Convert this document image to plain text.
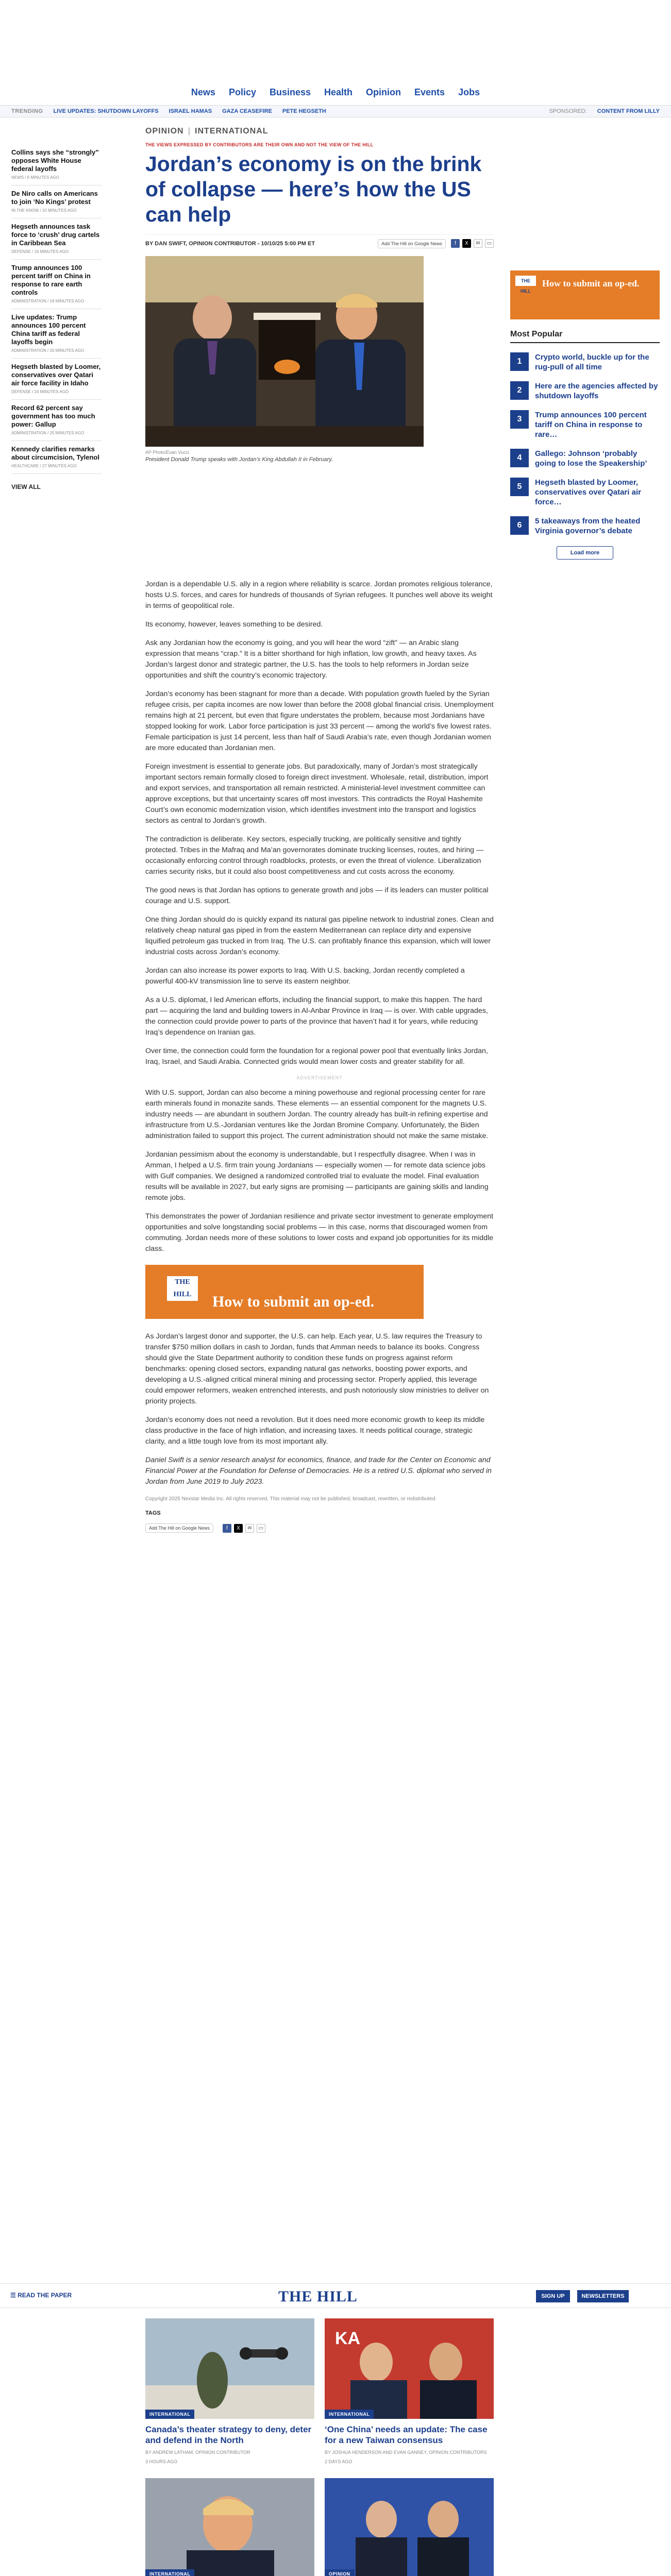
News Policy Business Health Opinion Events Jobs
TRENDING LIVE UPDATES: SHUTDOWN LAYOFFS ISRAEL HAMAS GAZA CEASEFIRE PETE HEGSETH	SPONSORED: CONTENT FROM LILLY
Collins says she “strongly” opposes White House federal layoffs
NEWS / 6 MINUTES AGO
De Niro calls on Americans to join ‘No Kings’ protest
IN THE KNOW / 10 MINUTES AGO
Hegseth announces task force to ‘crush’ drug cartels in Caribbean Sea
DEFENSE / 16 MINUTES AGO
Trump announces 100 percent tariff on China in response to rare earth controls
ADMINISTRATION / 16 MINUTES AGO
Live updates: Trump announces 100 percent China tariff as federal layoffs begin
ADMINISTRATION / 20 MINUTES AGO
Hegseth blasted by Loomer, conservatives over Qatari air force facility in Idaho
DEFENSE / 24 MINUTES AGO
Record 62 percent say government has too much power: Gallup
ADMINISTRATION / 25 MINUTES AGO
Kennedy clarifies remarks about circumcision, Tylenol
HEALTHCARE / 27 MINUTES AGO
VIEW ALL
OPINION | INTERNATIONAL
THE VIEWS EXPRESSED BY CONTRIBUTORS ARE THEIR OWN AND NOT THE VIEW OF THE HILL
Jordan’s economy is on the brink of collapse — here’s how the US can help
BY DAN SWIFT, OPINION CONTRIBUTOR - 10/10/25 5:00 PM ET	Add The Hill on Google News	f	X	✉	▭
AP Photo/Evan Vucci
President Donald Trump speaks with Jordan’s King Abdullah II in February.

Jordan is a dependable U.S. ally in a region where reliability is scarce. Jordan promotes religious tolerance, hosts U.S. forces, and cares for hundreds of thousands of Syrian refugees. It punches well above its weight in terms of geopolitical role.

Its economy, however, leaves something to be desired.

Ask any Jordanian how the economy is going, and you will hear the word “zift” — an Arabic slang expression that means “crap.” It is a bitter shorthand for high inflation, low growth, and heavy taxes. As Jordan’s largest donor and strategic partner, the U.S. has the tools to help reformers in Jordan seize opportunities and shift the country’s economic trajectory.

Jordan’s economy has been stagnant for more than a decade. With population growth fueled by the Syrian refugee crisis, per capita incomes are now lower than before the 2008 global financial crisis. Unemployment remains high at 21 percent, but even that figure understates the problem, because most Jordanians have stopped looking for work. Labor force participation is just 33 percent — among the world’s five lowest rates. Female participation is just 14 percent, less than half of Saudi Arabia’s rate, even though Jordanian women are more educated than Jordanian men.

Foreign investment is essential to generate jobs. But paradoxically, many of Jordan’s most strategically important sectors remain formally closed to foreign direct investment. Wholesale, retail, distribution, import and export services, and transportation all remain restricted. A ministerial-level investment committee can approve exceptions, but that uncertainty scares off most investors. This contradicts the Royal Hashemite Court’s own economic modernization vision, which identifies investment into the transport and logistics sectors as central to Jordan’s growth.

The contradiction is deliberate. Key sectors, especially trucking, are politically sensitive and tightly protected. Tribes in the Mafraq and Ma’an governorates dominate trucking licenses, routes, and hiring — occasionally enforcing control through roadblocks, protests, or even the threat of violence. Liberalization carries security risks, but it could also boost competitiveness and cut costs across the economy.

The good news is that Jordan has options to generate growth and jobs — if its leaders can muster political courage and U.S. support.

One thing Jordan should do is quickly expand its natural gas pipeline network to industrial zones. Clean and relatively cheap natural gas piped in from the eastern Mediterranean can replace dirty and expensive liquified petroleum gas trucked in from Iraq. The U.S. can profitably finance this expansion, which will lower industrial costs across Jordan’s economy.

Jordan can also increase its power exports to Iraq. With U.S. backing, Jordan recently completed a powerful 400-kV transmission line to serve its eastern neighbor.

As a U.S. diplomat, I led American efforts, including the financial support, to make this happen. The hard part — acquiring the land and building towers in Al-Anbar Province in Iraq — is over. With cable upgrades, the connection could provide power to parts of the province that haven’t had it for years, while reducing Iraq’s dependence on Iranian gas.

Over time, the connection could form the foundation for a regional power pool that eventually links Jordan, Iraq, Israel, and Saudi Arabia. Connected grids would mean lower costs and greater stability for all.

ADVERTISEMENT

With U.S. support, Jordan can also become a mining powerhouse and regional processing center for rare earth minerals found in monazite sands. These elements — an essential component for the magnets U.S. industry needs — are abundant in southern Jordan. The country already has built-in refining expertise and infrastructure from U.S.-Jordanian ventures like the Jordan Bromine Company. Unfortunately, the Biden administration failed to support this project. The current administration should not make the same mistake.

Jordanian pessimism about the economy is understandable, but I respectfully disagree. When I was in Amman, I helped a U.S. firm train young Jordanians — especially women — for remote data science jobs with Gulf companies. We designed a randomized controlled trial to evaluate the model. Final evaluation results will be available in 2027, but early signs are promising — participants are gaining skills and landing remote jobs.

This demonstrates the power of Jordanian resilience and private sector investment to generate employment opportunities and solve longstanding social problems — in this case, norms that discouraged women from commuting. Jordan needs more of these solutions to lower costs and expand job opportunities for its middle class.

THE HILL	How to submit an op-ed.

As Jordan’s largest donor and supporter, the U.S. can help. Each year, U.S. law requires the Treasury to transfer $750 million dollars in cash to Jordan, funds that Amman needs to balance its books. Congress should give the State Department authority to condition these funds on progress against reform benchmarks: opening closed sectors, expanding natural gas networks, boosting power exports, and developing a U.S.-aligned critical mineral mining and processing sector. Properly applied, this leverage could empower reformers, weaken entrenched interests, and push notoriously slow ministries to deliver on priority projects.

Jordan’s economy does not need a revolution. But it does need more economic growth to keep its middle class productive in the face of high inflation, and increasing taxes. It needs political courage, strategic clarity, and a little tough love from its most important ally.

Daniel Swift is a senior research analyst for economics, finance, and trade for the Center on Economic and Financial Power at the Foundation for Defense of Democracies. He is a retired U.S. diplomat who served in Jordan from June 2019 to July 2023.

Copyright 2025 Nexstar Media Inc. All rights reserved. This material may not be published, broadcast, rewritten, or redistributed.
TAGS
Add The Hill on Google News	f	X	✉	▭
THE HILL
How to submit an op-ed.
Most Popular
1	Crypto world, buckle up for the rug-pull of all time
2	Here are the agencies affected by shutdown layoffs
3	Trump announces 100 percent tariff on China in response to rare…
4	Gallego: Johnson ‘probably going to lose the Speakership’
5	Hegseth blasted by Loomer, conservatives over Qatari air force…
6	5 takeaways from the heated Virginia governor’s debate
Load more
☰ READ THE PAPER	THE HILL	SIGN UP	NEWSLETTERS
INTERNATIONAL
Canada’s theater strategy to deny, deter and defend in the North
BY ANDREW LATHAM, OPINION CONTRIBUTOR
3 HOURS AGO
KA
INTERNATIONAL
‘One China’ needs an update: The case for a new Taiwan consensus
BY JOSHUA HENDERSON AND EVAN GANNEY, OPINION CONTRIBUTORS
2 DAYS AGO
INTERNATIONAL	OPINION
